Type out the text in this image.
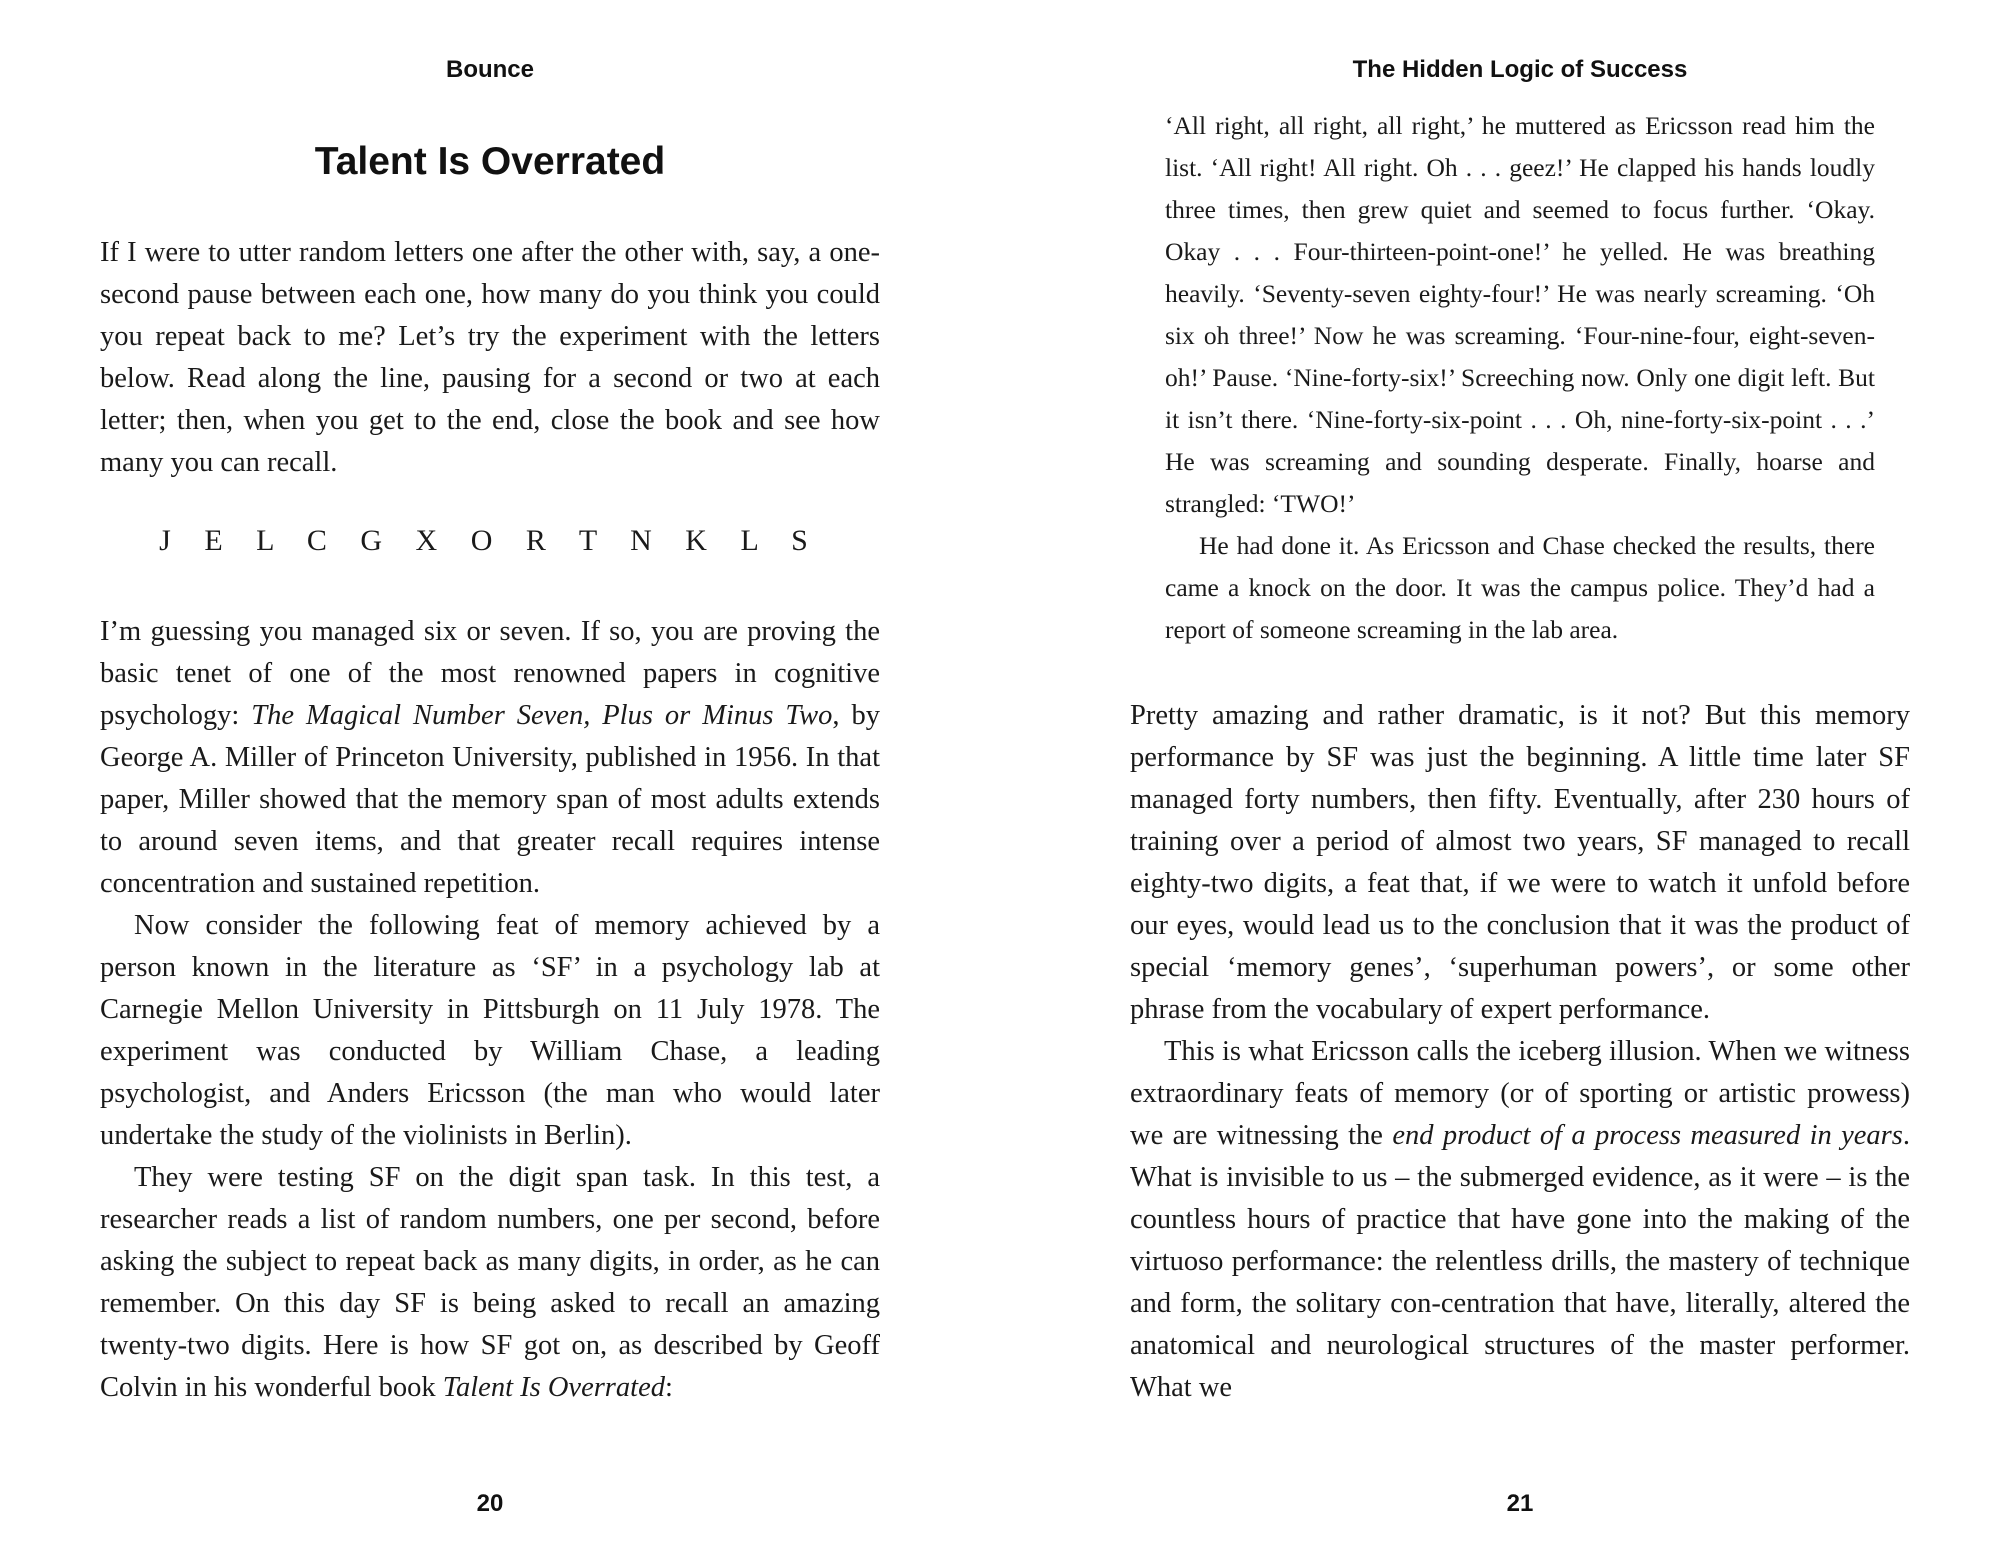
Bounce
Talent Is Overrated

If I were to utter random letters one after the other with, say, a one-second pause between each one, how many do you think you could you repeat back to me? Let’s try the experiment with the letters below. Read along the line, pausing for a second or two at each letter; then, when you get to the end, close the book and see how many you can recall.

J E L C G X O R T N K L S

I’m guessing you managed six or seven. If so, you are proving the basic tenet of one of the most renowned papers in cognitive psychology: The Magical Number Seven, Plus or Minus Two, by George A. Miller of Princeton University, published in 1956. In that paper, Miller showed that the memory span of most adults extends to around seven items, and that greater recall requires intense concentration and sustained repetition.

Now consider the following feat of memory achieved by a person known in the literature as ‘SF’ in a psychology lab at Carnegie Mellon University in Pittsburgh on 11 July 1978. The experiment was conducted by William Chase, a leading psychologist, and Anders Ericsson (the man who would later undertake the study of the violinists in Berlin).

They were testing SF on the digit span task. In this test, a researcher reads a list of random numbers, one per second, before asking the subject to repeat back as many digits, in order, as he can remember. On this day SF is being asked to recall an amazing twenty-two digits. Here is how SF got on, as described by Geoff Colvin in his wonderful book Talent Is Overrated:

20
The Hidden Logic of Success
21

‘All right, all right, all right,’ he muttered as Ericsson read him the list. ‘All right! All right. Oh . . . geez!’ He clapped his hands loudly three times, then grew quiet and seemed to focus further. ‘Okay. Okay . . . Four-thirteen-point-one!’ he yelled. He was breathing heavily. ‘Seventy-seven eighty-four!’ He was nearly screaming. ‘Oh six oh three!’ Now he was screaming. ‘Four-nine-four, eight-seven-oh!’ Pause. ‘Nine-forty-six!’ Screeching now. Only one digit left. But it isn’t there. ‘Nine-forty-six-point . . . Oh, nine-forty-six-point . . .’ He was screaming and sounding desperate. Finally, hoarse and strangled: ‘TWO!’

He had done it. As Ericsson and Chase checked the results, there came a knock on the door. It was the campus police. They’d had a report of someone screaming in the lab area.

Pretty amazing and rather dramatic, is it not? But this memory performance by SF was just the beginning. A little time later SF managed forty numbers, then fifty. Eventually, after 230 hours of training over a period of almost two years, SF managed to recall eighty-two digits, a feat that, if we were to watch it unfold before our eyes, would lead us to the conclusion that it was the product of special ‘memory genes’, ‘superhuman powers’, or some other phrase from the vocabulary of expert performance.

This is what Ericsson calls the iceberg illusion. When we witness extraordinary feats of memory (or of sporting or artistic prowess) we are witnessing the end product of a process measured in years. What is invisible to us – the submerged evidence, as it were – is the countless hours of practice that have gone into the making of the virtuoso performance: the relentless drills, the mastery of technique and form, the solitary con-centration that have, literally, altered the anatomical and neurological structures of the master performer. What we
